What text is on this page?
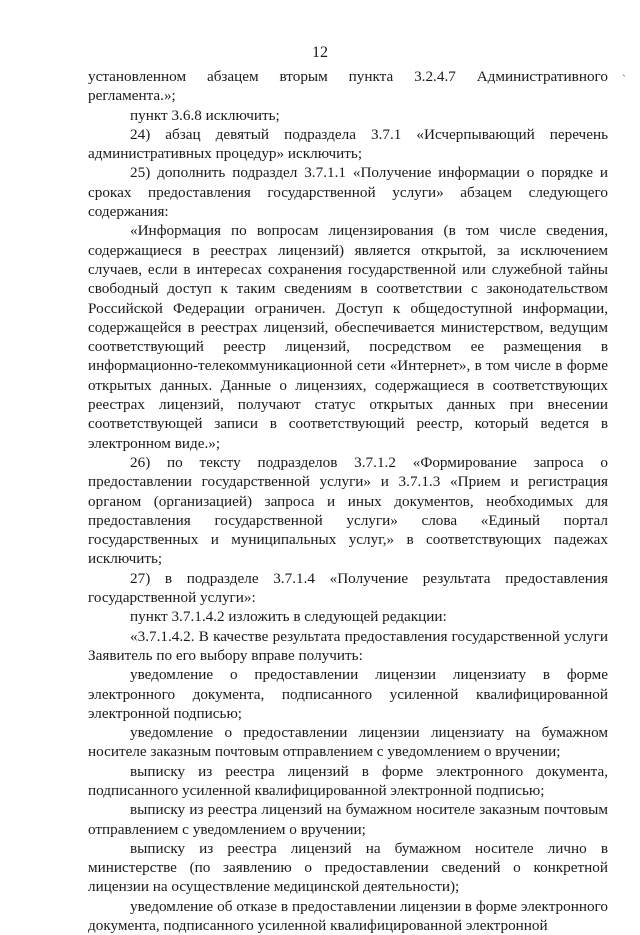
12
`

установленном абзацем вторым пункта 3.2.4.7 Административного регламента.»;

пункт 3.6.8 исключить;

24) абзац девятый подраздела 3.7.1 «Исчерпывающий перечень административных процедур» исключить;

25) дополнить подраздел 3.7.1.1 «Получение информации о порядке и сроках предоставления государственной услуги» абзацем следующего содержания:

«Информация по вопросам лицензирования (в том числе сведения, содержащиеся в реестрах лицензий) является открытой, за исключением случаев, если в интересах сохранения государственной или служебной тайны свободный доступ к таким сведениям в соответствии с законодательством Российской Федерации ограничен. Доступ к общедоступной информации, содержащейся в реестрах лицензий, обеспечивается министерством, ведущим соответствующий реестр лицензий, посредством ее размещения в информационно-телекоммуникационной сети «Интернет», в том числе в форме открытых данных. Данные о лицензиях, содержащиеся в соответствующих реестрах лицензий, получают статус открытых данных при внесении соответствующей записи в соответствующий реестр, который ведется в электронном виде.»;

26) по тексту подразделов 3.7.1.2 «Формирование запроса о предоставлении государственной услуги» и 3.7.1.3 «Прием и регистрация органом (организацией) запроса и иных документов, необходимых для предоставления государственной услуги» слова «Единый портал государственных и муниципальных услуг,» в соответствующих падежах исключить;

27) в подразделе 3.7.1.4 «Получение результата предоставления государственной услуги»:

пункт 3.7.1.4.2 изложить в следующей редакции:

«3.7.1.4.2. В качестве результата предоставления государственной услуги Заявитель по его выбору вправе получить:

уведомление о предоставлении лицензии лицензиату в форме электронного документа, подписанного усиленной квалифицированной электронной подписью;

уведомление о предоставлении лицензии лицензиату на бумажном носителе заказным почтовым отправлением с уведомлением о вручении;

выписку из реестра лицензий в форме электронного документа, подписанного усиленной квалифицированной электронной подписью;

выписку из реестра лицензий на бумажном носителе заказным почтовым отправлением с уведомлением о вручении;

выписку из реестра лицензий на бумажном носителе лично в министерстве (по заявлению о предоставлении сведений о конкретной лицензии на осуществление медицинской деятельности);

уведомление об отказе в предоставлении лицензии в форме электронного документа, подписанного усиленной квалифицированной электронной
